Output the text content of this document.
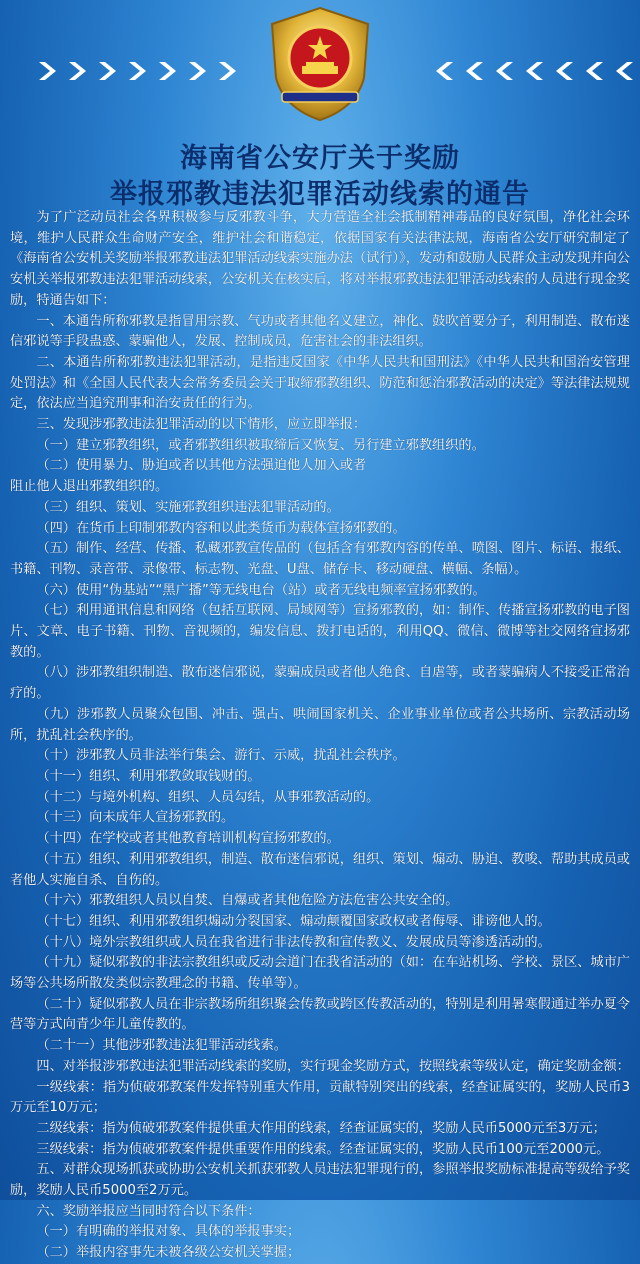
海南省公安厅关于奖励
举报邪教违法犯罪活动线索的通告

为了广泛动员社会各界积极参与反邪教斗争，大力营造全社会抵制精神毒品的良好氛围，净化社会环境，维护人民群众生命财产安全，维护社会和谐稳定，依据国家有关法律法规，海南省公安厅研究制定了《海南省公安机关奖励举报邪教违法犯罪活动线索实施办法（试行）》，发动和鼓励人民群众主动发现并向公安机关举报邪教违法犯罪活动线索，公安机关在核实后，将对举报邪教违法犯罪活动线索的人员进行现金奖励，特通告如下：

一、本通告所称邪教是指冒用宗教、气功或者其他名义建立，神化、鼓吹首要分子，利用制造、散布迷信邪说等手段蛊惑、蒙骗他人，发展、控制成员，危害社会的非法组织。

二、本通告所称邪教违法犯罪活动，是指违反国家《中华人民共和国刑法》《中华人民共和国治安管理处罚法》和《全国人民代表大会常务委员会关于取缔邪教组织、防范和惩治邪教活动的决定》等法律法规规定，依法应当追究刑事和治安责任的行为。

三、发现涉邪教违法犯罪活动的以下情形，应立即举报：

（一）建立邪教组织，或者邪教组织被取缔后又恢复、另行建立邪教组织的。

（二）使用暴力、胁迫或者以其他方法强迫他人加入或者

阻止他人退出邪教组织的。

（三）组织、策划、实施邪教组织违法犯罪活动的。

（四）在货币上印制邪教内容和以此类货币为载体宣扬邪教的。

（五）制作、经营、传播、私藏邪教宣传品的（包括含有邪教内容的传单、喷图、图片、标语、报纸、书籍、刊物、录音带、录像带、标志物、光盘、U盘、储存卡、移动硬盘、横幅、条幅）。

（六）使用“伪基站”“黑广播”等无线电台（站）或者无线电频率宣扬邪教的。

（七）利用通讯信息和网络（包括互联网、局域网等）宣扬邪教的，如：制作、传播宣扬邪教的电子图片、文章、电子书籍、刊物、音视频的，编发信息、拨打电话的，利用QQ、微信、微博等社交网络宣扬邪教的。

（八）涉邪教组织制造、散布迷信邪说，蒙骗成员或者他人绝食、自虐等，或者蒙骗病人不接受正常治疗的。

（九）涉邪教人员聚众包围、冲击、强占、哄闹国家机关、企业事业单位或者公共场所、宗教活动场所，扰乱社会秩序的。

（十）涉邪教人员非法举行集会、游行、示威，扰乱社会秩序。

（十一）组织、利用邪教敛取钱财的。

（十二）与境外机构、组织、人员勾结，从事邪教活动的。

（十三）向未成年人宣扬邪教的。

（十四）在学校或者其他教育培训机构宣扬邪教的。

（十五）组织、利用邪教组织，制造、散布迷信邪说，组织、策划、煽动、胁迫、教唆、帮助其成员或者他人实施自杀、自伤的。

（十六）邪教组织人员以自焚、自爆或者其他危险方法危害公共安全的。

（十七）组织、利用邪教组织煽动分裂国家、煽动颠覆国家政权或者侮辱、诽谤他人的。

（十八）境外宗教组织或人员在我省进行非法传教和宣传教义、发展成员等渗透活动的。

（十九）疑似邪教的非法宗教组织或反动会道门在我省活动的（如：在车站机场、学校、景区、城市广场等公共场所散发类似宗教理念的书籍、传单等）。

（二十）疑似邪教人员在非宗教场所组织聚会传教或跨区传教活动的，特别是利用暑寒假通过举办夏令营等方式向青少年儿童传教的。

（二十一）其他涉邪教违法犯罪活动线索。

四、对举报涉邪教违法犯罪活动线索的奖励，实行现金奖励方式，按照线索等级认定，确定奖励金额：

一级线索：指为侦破邪教案件发挥特别重大作用，贡献特别突出的线索，经查证属实的，奖励人民币3万元至10万元；

二级线索：指为侦破邪教案件提供重大作用的线索，经查证属实的，奖励人民币5000元至3万元；

三级线索：指为侦破邪教案件提供重要作用的线索。经查证属实的，奖励人民币100元至2000元。

五、对群众现场抓获或协助公安机关抓获邪教人员违法犯罪现行的，参照举报奖励标准提高等级给予奖励，奖励人民币5000至2万元。

六、奖励举报应当同时符合以下条件：

（一）有明确的举报对象、具体的举报事实；

（二）举报内容事先未被各级公安机关掌握；
